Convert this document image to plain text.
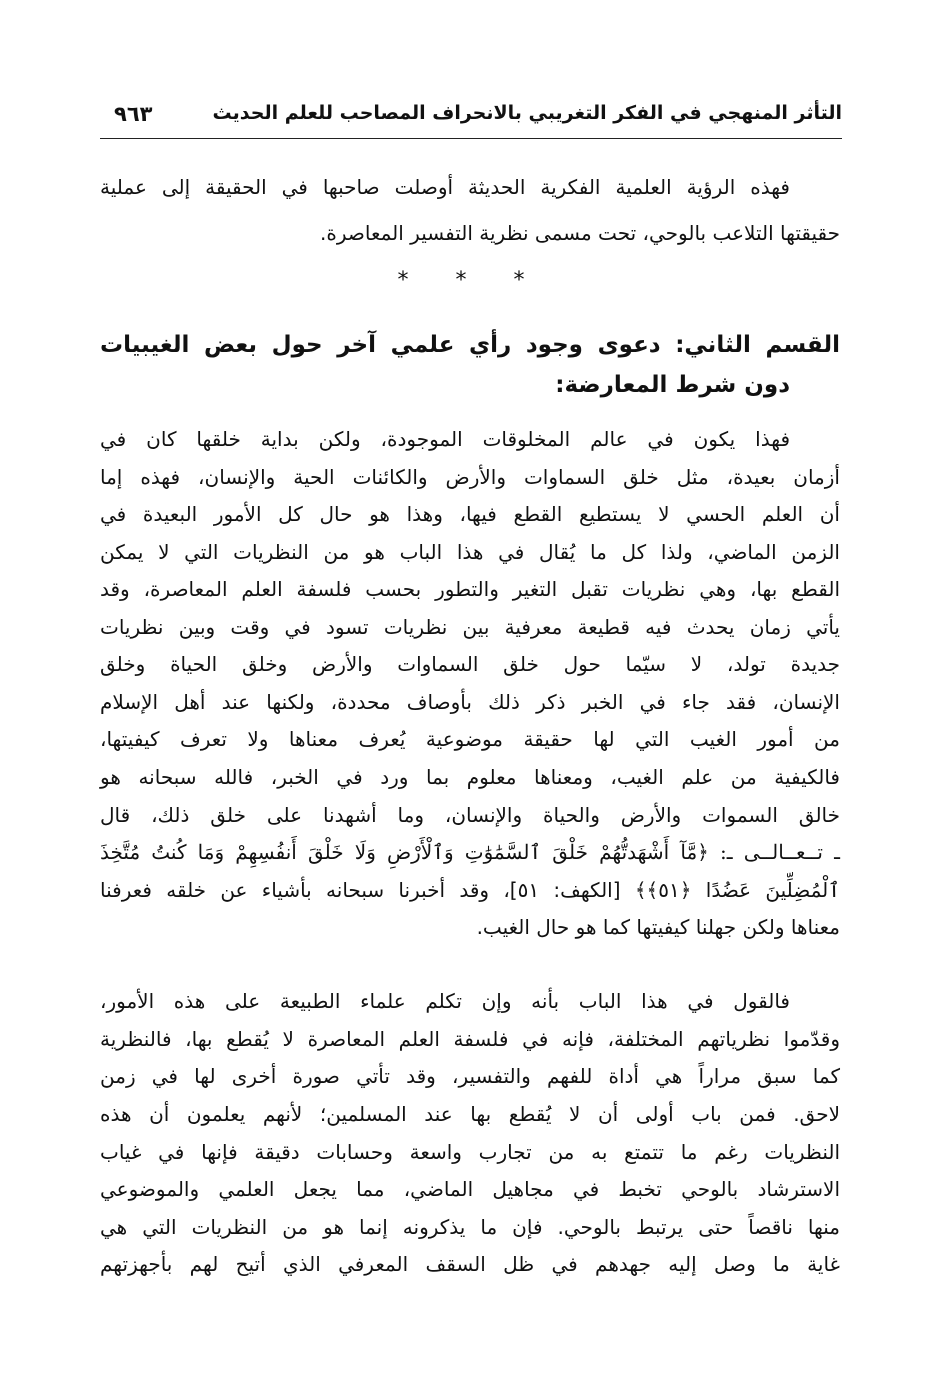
التأثر المنهجي في الفكر التغريبي بالانحراف المصاحب للعلم الحديث
٩٦٣
فهذه الرؤية العلمية الفكرية الحديثة أوصلت صاحبها في الحقيقة إلى عملية
حقيقتها التلاعب بالوحي، تحت مسمى نظرية التفسير المعاصرة.
* * *
القسم الثاني: دعوى وجود رأي علمي آخر حول بعض الغيبيات
دون شرط المعارضة:
فهذا يكون في عالم المخلوقات الموجودة، ولكن بداية خلقها كان في
أزمان بعيدة، مثل خلق السماوات والأرض والكائنات الحية والإنسان، فهذه إما
أن العلم الحسي لا يستطيع القطع فيها، وهذا هو حال كل الأمور البعيدة في
الزمن الماضي، ولذا كل ما يُقال في هذا الباب هو من النظريات التي لا يمكن
القطع بها، وهي نظريات تقبل التغير والتطور بحسب فلسفة العلم المعاصرة، وقد
يأتي زمان يحدث فيه قطيعة معرفية بين نظريات تسود في وقت وبين نظريات
جديدة تولد، لا سيّما حول خلق السماوات والأرض وخلق الحياة وخلق
الإنسان، فقد جاء في الخبر ذكر ذلك بأوصاف محددة، ولكنها عند أهل الإسلام
من أمور الغيب التي لها حقيقة موضوعية يُعرف معناها ولا تعرف كيفيتها،
فالكيفية من علم الغيب، ومعناها معلوم بما ورد في الخبر، فالله سبحانه هو
خالق السموات والأرض والحياة والإنسان، وما أشهدنا على خلق ذلك، قال
ـ تــعــالــى ـ: ﴿مَّآ أَشْهَدتُّهُمْ خَلْقَ ٱلسَّمَٰوَٰتِ وَٱلْأَرْضِ وَلَا خَلْقَ أَنفُسِهِمْ وَمَا كُنتُ مُتَّخِذَ
ٱلْمُضِلِّينَ عَضُدًا ﴿٥١﴾﴾ [الكهف: ٥١]، وقد أخبرنا سبحانه بأشياء عن خلقه فعرفنا
معناها ولكن جهلنا كيفيتها كما هو حال الغيب.
فالقول في هذا الباب بأنه وإن تكلم علماء الطبيعة على هذه الأمور،
وقدّموا نظرياتهم المختلفة، فإنه في فلسفة العلم المعاصرة لا يُقطع بها، فالنظرية
كما سبق مراراً هي أداة للفهم والتفسير، وقد تأتي صورة أخرى لها في زمن
لاحق. فمن باب أولى أن لا يُقطع بها عند المسلمين؛ لأنهم يعلمون أن هذه
النظريات رغم ما تتمتع به من تجارب واسعة وحسابات دقيقة فإنها في غياب
الاسترشاد بالوحي تخبط في مجاهيل الماضي، مما يجعل العلمي والموضوعي
منها ناقصاً حتى يرتبط بالوحي. فإن ما يذكرونه إنما هو من النظريات التي هي
غاية ما وصل إليه جهدهم في ظل السقف المعرفي الذي أتيح لهم بأجهزتهم
